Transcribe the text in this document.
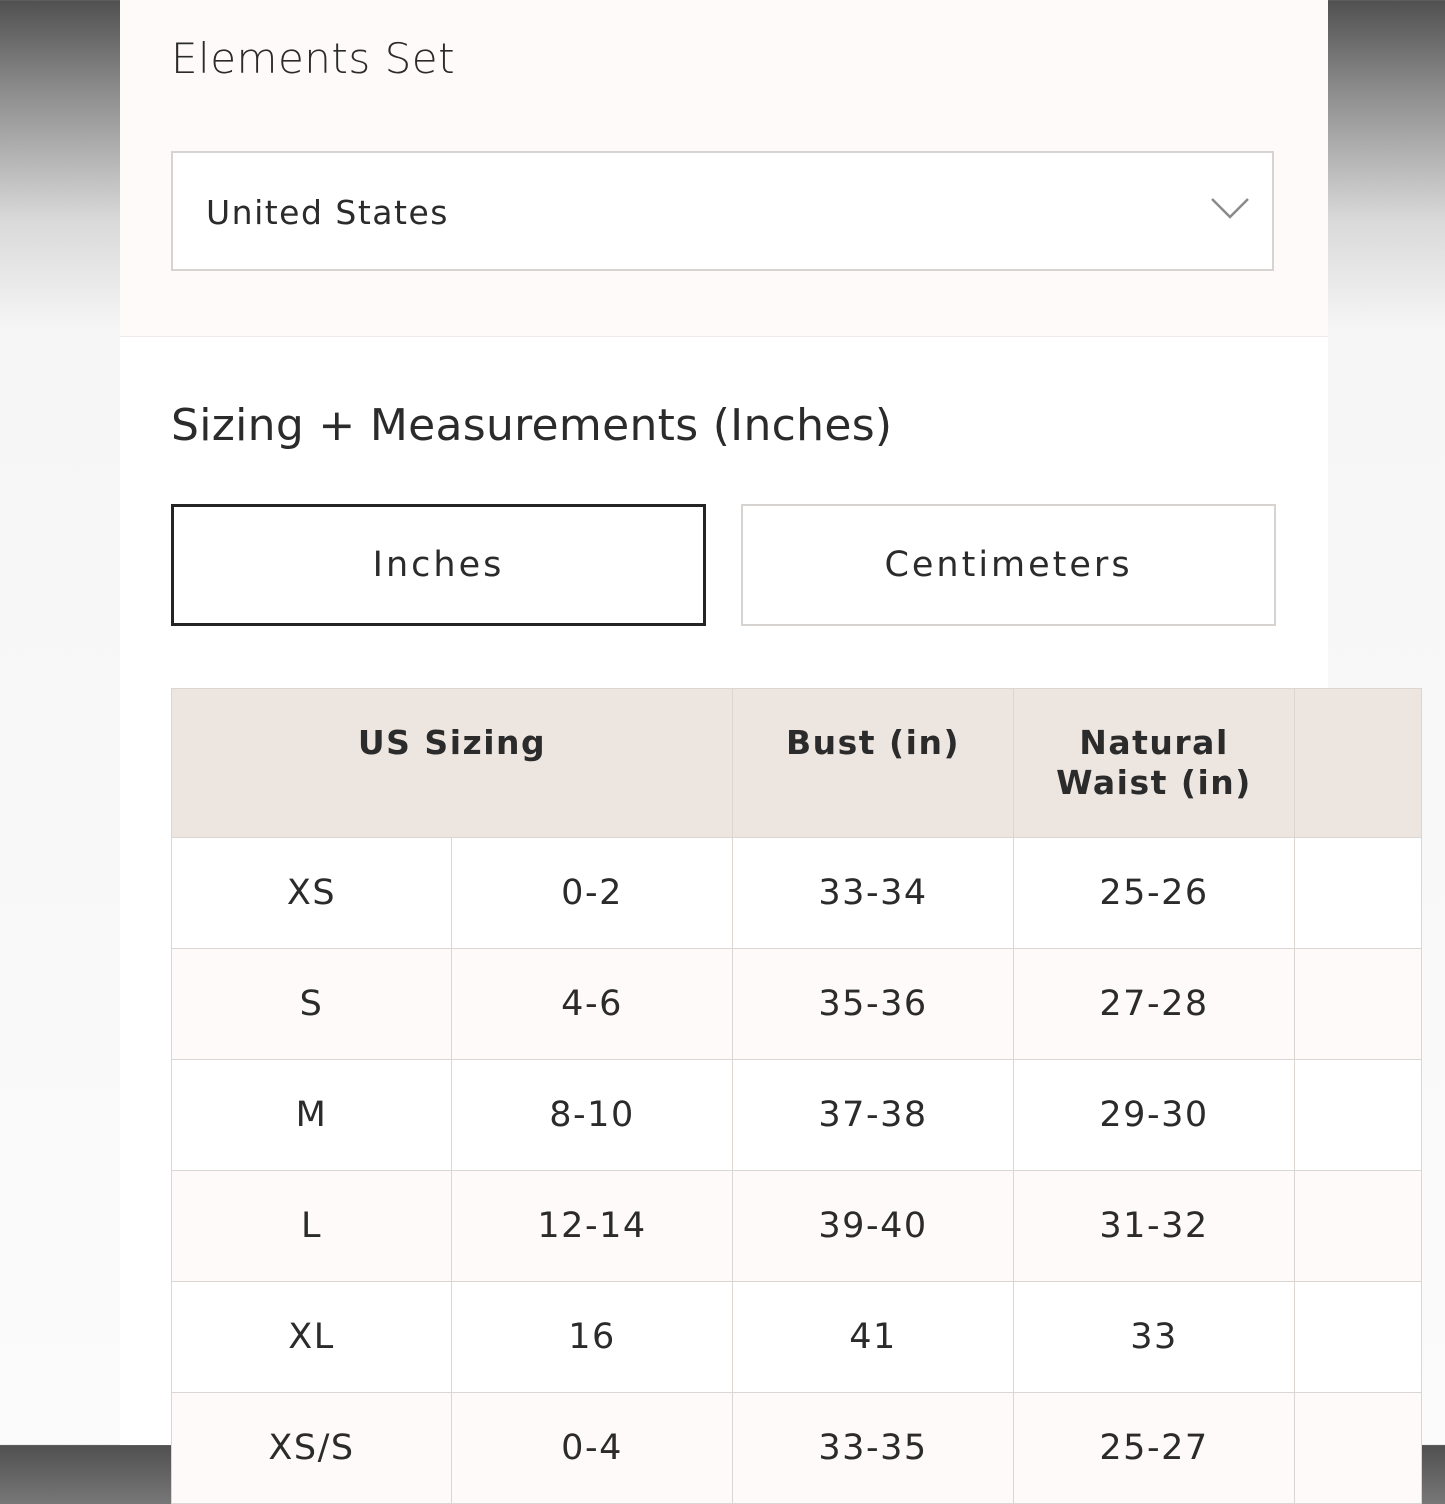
Elements Set
United States
Sizing + Measurements (Inches)
Inches	Centimeters
US Sizing		Bust (in)	Natural
Waist (in)	

XS	0-2	33-34	25-26	
S	4-6	35-36	27-28	
M	8-10	37-38	29-30	
L	12-14	39-40	31-32	
XL	16	41	33	
XS/S	0-4	33-35	25-27	
